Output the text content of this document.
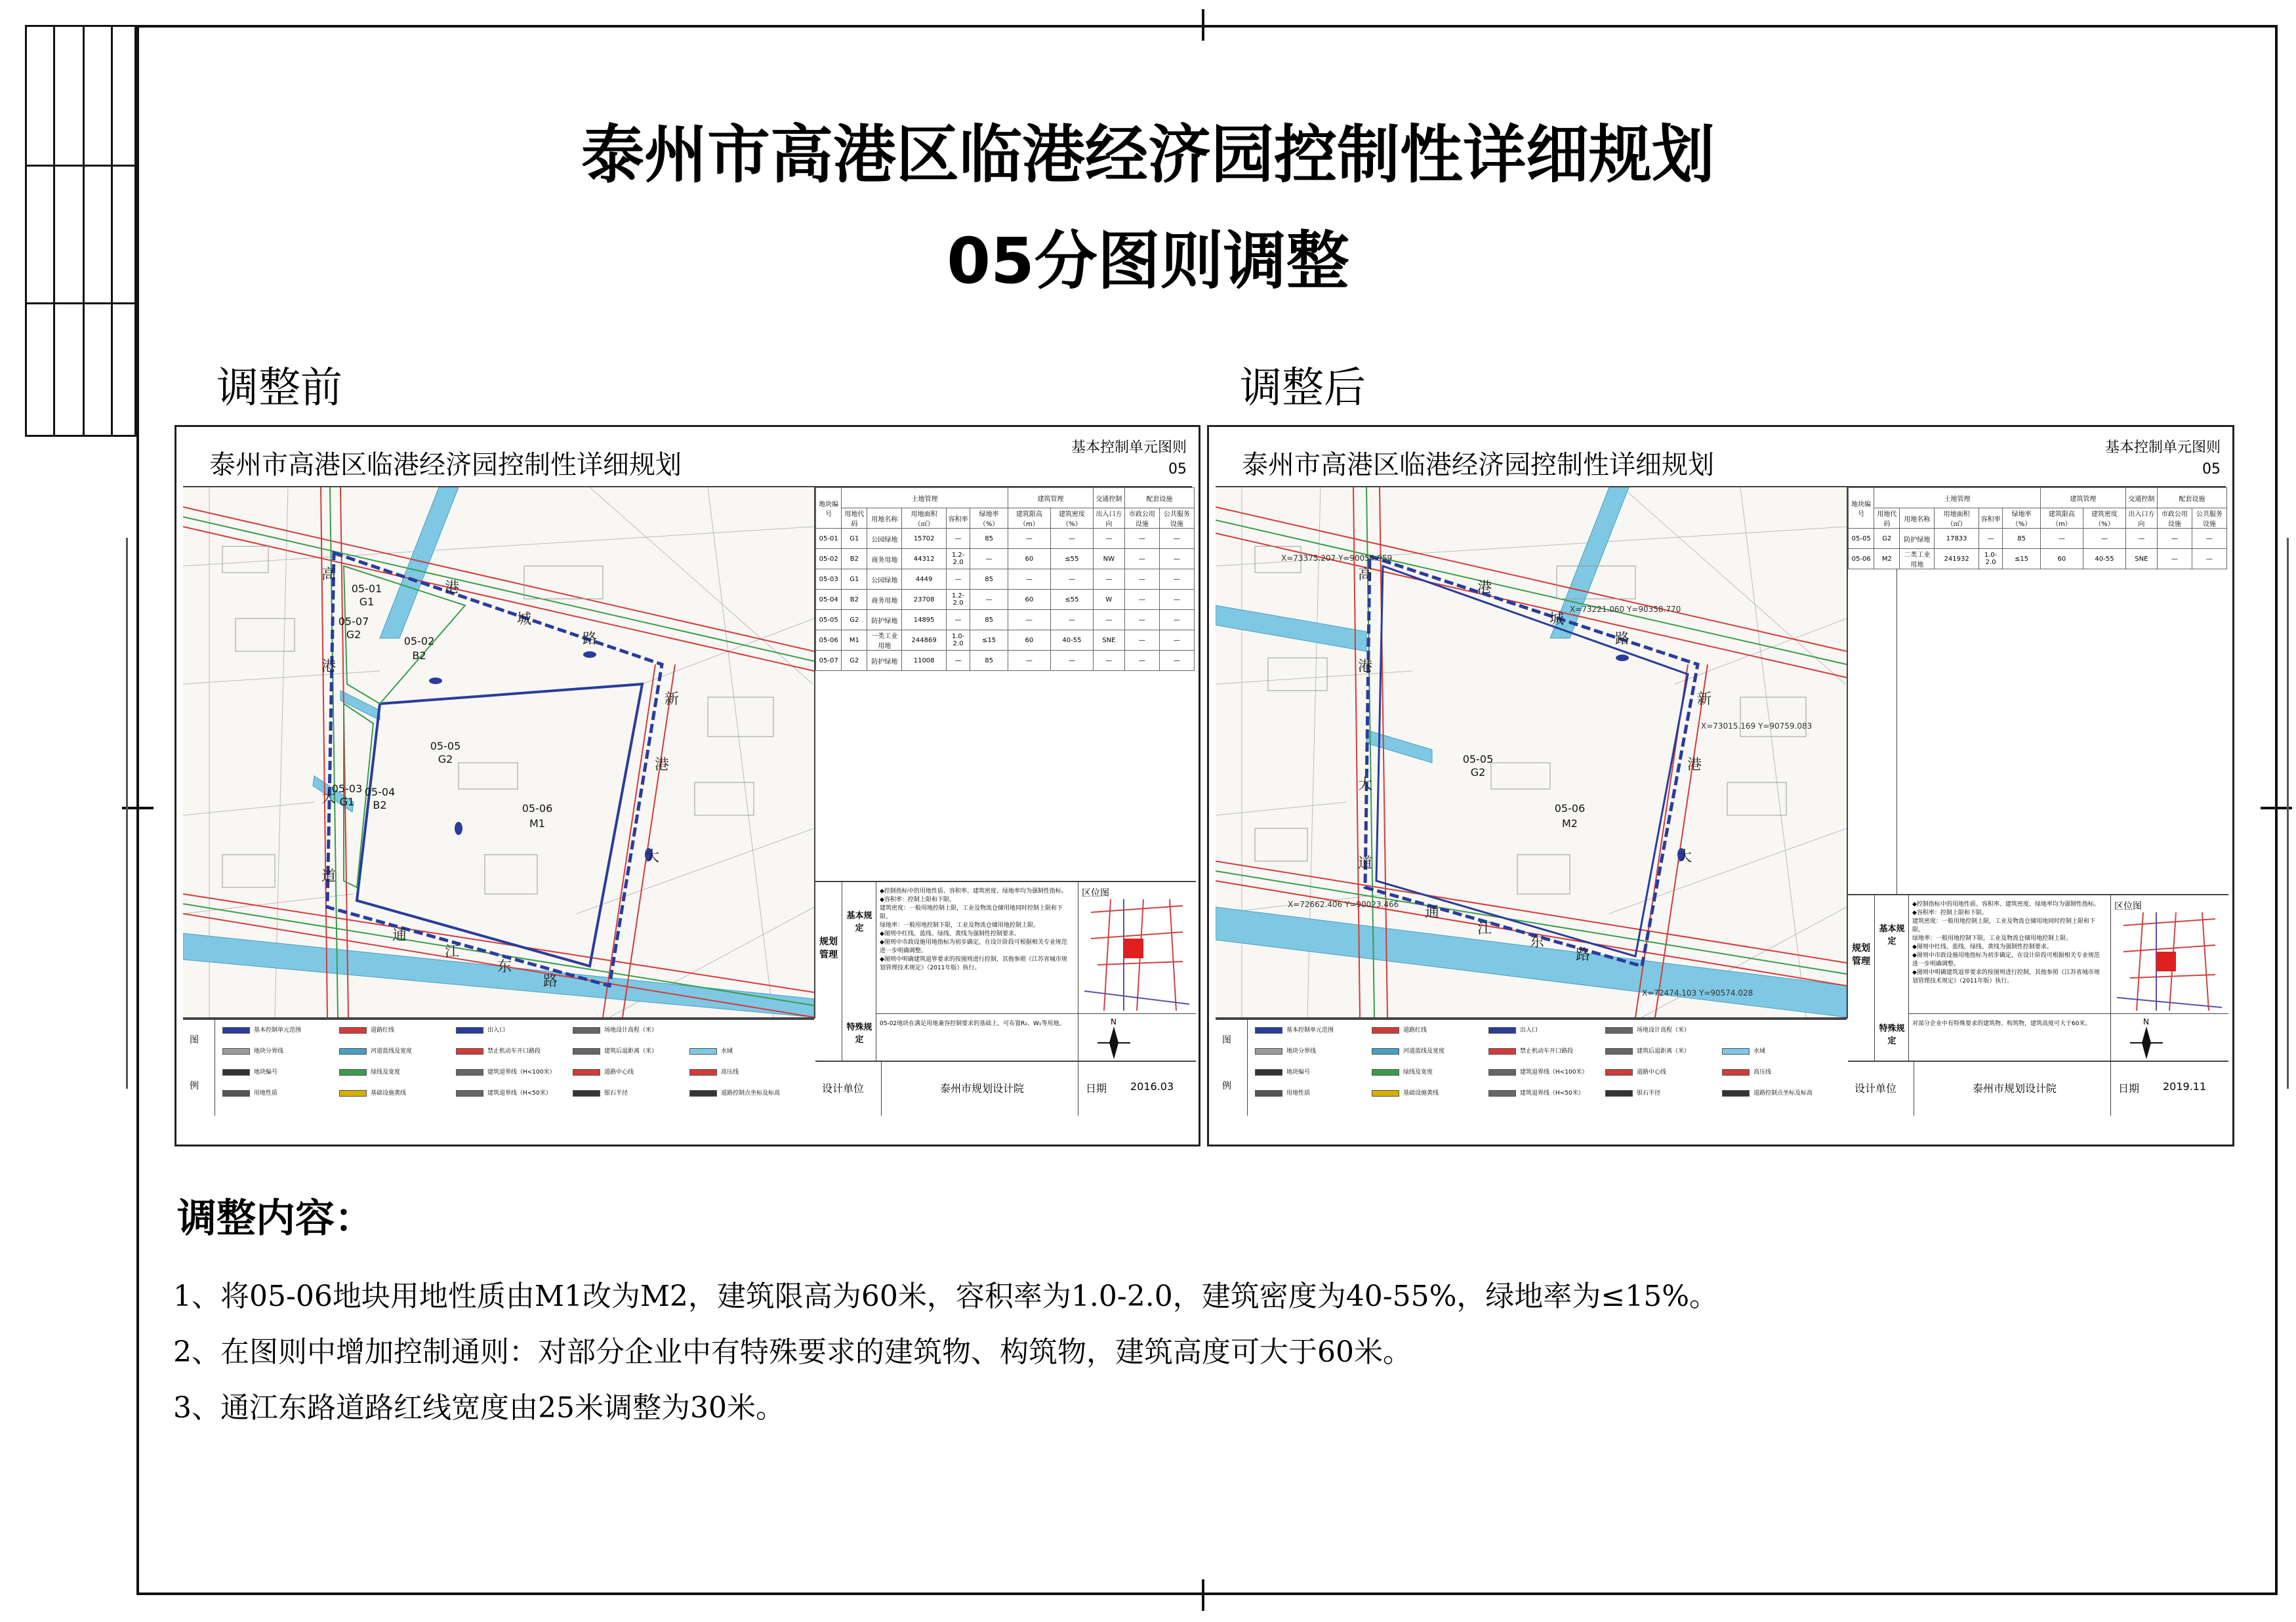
泰州市高港区临港经济园控制性详细规划
05分图则调整
调整前	调整后
泰州市高港区临港经济园控制性详细规划
基本控制单元图则
05
05-01
G1
05-07
G2
05-02
B2
05-03
G1
05-04
B2
05-05
G2
05-06
M1
高
港
大
道
港
城
路
通
江
东
路
新
港
大
地块编号	土地管理					建筑管理		交通控制	配套设施	
	用地代码	用地名称	用地面积（㎡）	容积率	绿地率（%）	建筑限高（m）	建筑密度（%）	出入口方向	市政公用设施	公共服务设施
05-01	G1	公园绿地	15702	—	85	—	—	—	—	—
05-02	B2	商务用地	44312	1.2-2.0	—	60	≤55	NW	—	—
05-03	G1	公园绿地	4449	—	85	—	—	—	—	—
05-04	B2	商务用地	23708	1.2-2.0	—	60	≤55	W	—	—
05-05	G2	防护绿地	14895	—	85	—	—	—	—	—
05-06	M1	一类工业用地	244869	1.0-2.0	≤15	60	40-55	SNE	—	—
05-07	G2	防护绿地	11008	—	85	—	—	—	—	—
规划管理
基本规定
◆控制指标中的用地性质、容积率、建筑密度、绿地率均为强制性指标。
◆容积率：控制上限和下限。
建筑密度：一般用地控制上限，工业及物流仓储用地同时控制上限和下限。
绿地率：一般用地控制下限，工业及物流仓储用地控制上限。
◆图则中红线、蓝线、绿线、黄线为强制性控制要求。
◆图则中市政设施用地指标为初步确定，在设计阶段可根据相关专业规范进一步明确调整。
◆图则中明确建筑退界要求的按图则进行控制，其他参照《江苏省城市规划管理技术规定》（2011年版）执行。
区位图
特殊规定
05-02地块在满足用地兼容控制要求的基础上，可布置R₂、W₁等用地。	N
图
例
基本控制单元范围	道路红线	出入口	场地设计高程（米）
地块分界线	河道蓝线及宽度	禁止机动车开口路段	建筑后退距离（米）	水域
地块编号	绿线及宽度	建筑退界线（H<100米）	道路中心线	高压线
用地性质	基础设施黄线	建筑退界线（H<50米）	银石半径	道路控制点坐标及标高	设计单位	泰州市规划设计院	日期 2016.03
泰州市高港区临港经济园控制性详细规划
基本控制单元图则
05
05-05
G2
05-06
M2
X=73375.207 Y=90054.959
X=73221.060 Y=90358.770
X=73015.169 Y=90759.083
X=72662.406 Y=90023.466
X=72474.103 Y=90574.028
高
港
大
道
港
城
路
通
江
东
路
新
港
大
地块编号	土地管理					建筑管理		交通控制	配套设施	
	用地代码	用地名称	用地面积（㎡）	容积率	绿地率（%）	建筑限高（m）	建筑密度（%）	出入口方向	市政公用设施	公共服务设施
05-05	G2	防护绿地	17833	—	85	—	—	—	—	—
05-06	M2	二类工业用地	241932	1.0-2.0	≤15	60	40-55	SNE	—	—
规划管理
基本规定
◆控制指标中的用地性质、容积率、建筑密度、绿地率均为强制性指标。
◆容积率：控制上限和下限。
建筑密度：一般用地控制上限，工业及物流仓储用地同时控制上限和下限。
绿地率：一般用地控制下限，工业及物流仓储用地控制上限。
◆图则中红线、蓝线、绿线、黄线为强制性控制要求。
◆图则中市政设施用地指标为初步确定，在设计阶段可根据相关专业规范进一步明确调整。
◆图则中明确建筑退界要求的按图则进行控制，其他参照《江苏省城市规划管理技术规定》（2011年版）执行。
区位图
特殊规定
对部分企业中有特殊要求的建筑物、构筑物，建筑高度可大于60米。	N
图
例
基本控制单元范围	道路红线	出入口	场地设计高程（米）
地块分界线	河道蓝线及宽度	禁止机动车开口路段	建筑后退距离（米）	水域
地块编号	绿线及宽度	建筑退界线（H<100米）	道路中心线	高压线
用地性质	基础设施黄线	建筑退界线（H<50米）	银石半径	道路控制点坐标及标高	设计单位	泰州市规划设计院	日期 2019.11
调整内容：
1、将05-06地块用地性质由M1改为M2，建筑限高为60米，容积率为1.0-2.0，建筑密度为40-55%，绿地率为≤15%。
2、在图则中增加控制通则：对部分企业中有特殊要求的建筑物、构筑物，建筑高度可大于60米。
3、通江东路道路红线宽度由25米调整为30米。
